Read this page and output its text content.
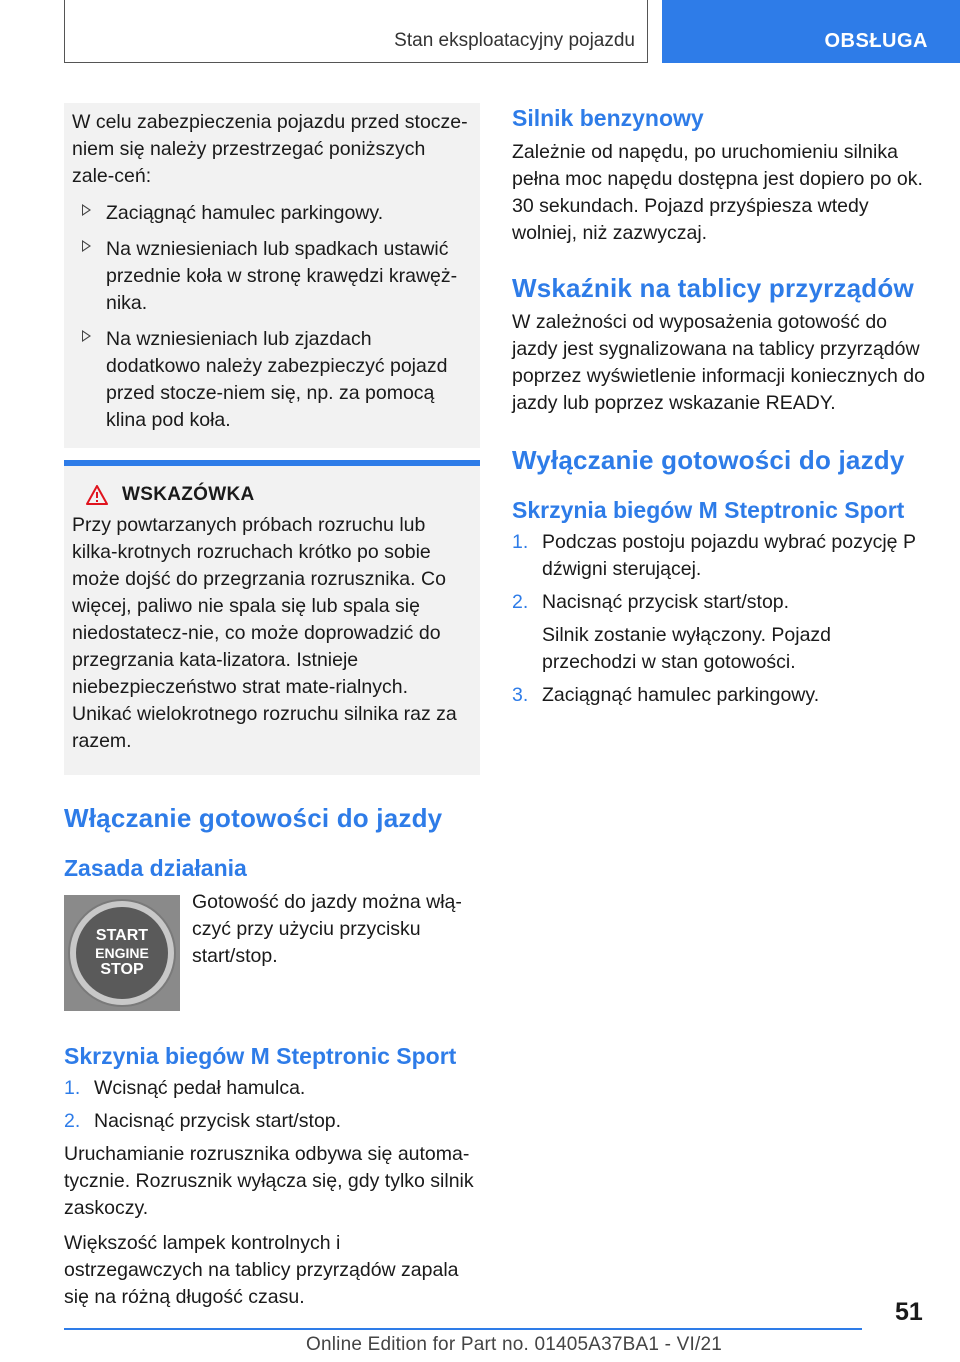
Stan eksploatacyjny pojazdu	OBSŁUGA

W celu zabezpieczenia pojazdu przed stocze-niem się należy przestrzegać poniższych zale-ceń:

Zaciągnąć hamulec parkingowy.
Na wzniesieniach lub spadkach ustawić przednie koła w stronę krawędzi krawęż-nika.
Na wzniesieniach lub zjazdach dodatkowo należy zabezpieczyć pojazd przed stocze-niem się, np. za pomocą klina pod koła.
WSKAZÓWKA

Przy powtarzanych próbach rozruchu lub kilka-krotnych rozruchach krótko po sobie może dojść do przegrzania rozrusznika. Co więcej, paliwo nie spala się lub spala się niedostatecz-nie, co może doprowadzić do przegrzania kata-lizatora. Istnieje niebezpieczeństwo strat mate-rialnych. Unikać wielokrotnego rozruchu silnika raz za razem.

Włączanie gotowości do jazdy
Zasada działania
START
ENGINE
STOP

Gotowość do jazdy można włą-czyć przy użyciu przycisku start/stop.

Skrzynia biegów M Steptronic Sport
1. Wcisnąć pedał hamulca.
2. Nacisnąć przycisk start/stop.

Uruchamianie rozrusznika odbywa się automa-tycznie. Rozrusznik wyłącza się, gdy tylko silnik zaskoczy.

Większość lampek kontrolnych i ostrzegawczych na tablicy przyrządów zapala się na różną długość czasu.

Silnik benzynowy

Zależnie od napędu, po uruchomieniu silnika pełna moc napędu dostępna jest dopiero po ok. 30 sekundach. Pojazd przyśpiesza wtedy wolniej, niż zazwyczaj.

Wskaźnik na tablicy przyrządów

W zależności od wyposażenia gotowość do jazdy jest sygnalizowana na tablicy przyrządów poprzez wyświetlenie informacji koniecznych do jazdy lub poprzez wskazanie READY.

Wyłączanie gotowości do jazdy
Skrzynia biegów M Steptronic Sport
1. Podczas postoju pojazdu wybrać pozycję P dźwigni sterującej.
2. Nacisnąć przycisk start/stop.

Silnik zostanie wyłączony. Pojazd przechodzi w stan gotowości.

3. Zaciągnąć hamulec parkingowy.
51
Online Edition for Part no. 01405A37BA1 - VI/21
